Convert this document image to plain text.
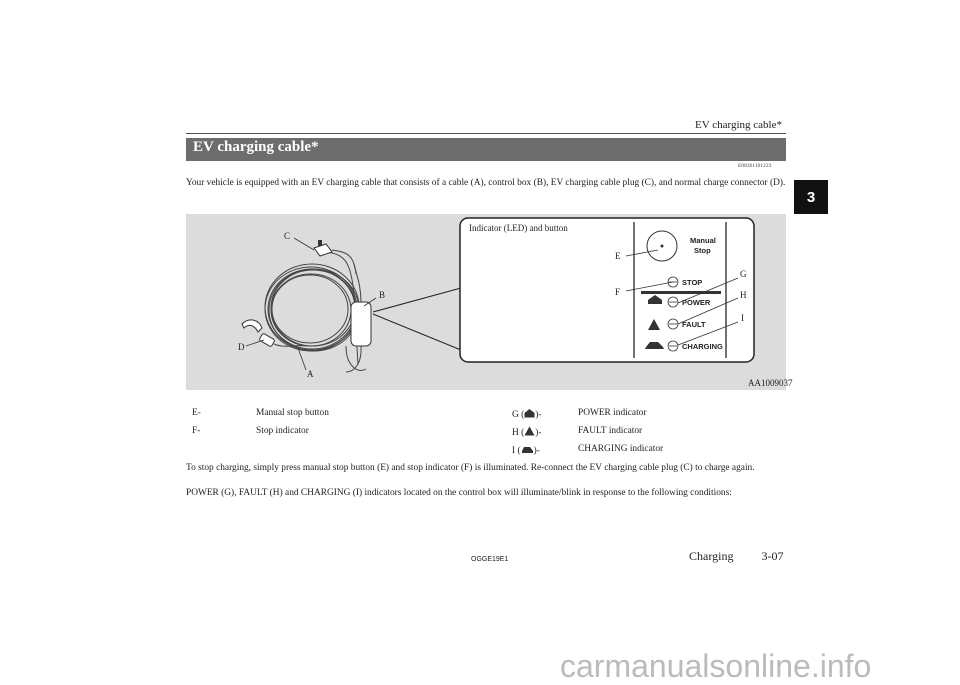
EV charging cable*
3
EV charging cable*
E08301101223
Your vehicle is equipped with an EV charging cable that consists of a cable (A), control box (B), EV charging cable plug (C), and normal charge connector (D).
C
B
D
A
Indicator (LED) and button
Manual
Stop
STOP
POWER
FAULT
CHARGING
E
F
G
H
I
AA1009037
E-	Manual stop button
F-	Stop indicator
G ( )-	POWER indicator
H ( )-	FAULT indicator
I ( )-	CHARGING indicator
To stop charging, simply press manual stop button (E) and stop indicator (F) is illuminated. Re-connect the EV charging cable plug (C) to charge again.
POWER (G), FAULT (H) and CHARGING (I) indicators located on the control box will illuminate/blink in response to the following conditions:
OGGE19E1	Charging 3-07
carmanualsonline.info
